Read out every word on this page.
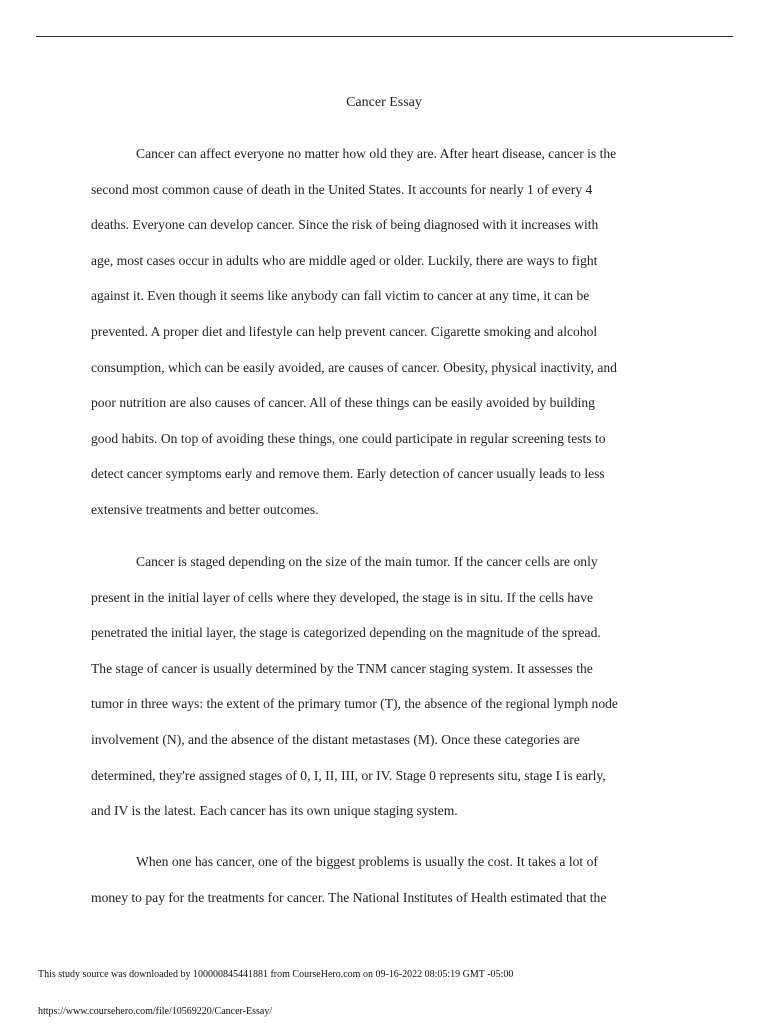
Cancer Essay

Cancer can affect everyone no matter how old they are. After heart disease, cancer is the
second most common cause of death in the United States. It accounts for nearly 1 of every 4
deaths. Everyone can develop cancer. Since the risk of being diagnosed with it increases with
age, most cases occur in adults who are middle aged or older. Luckily, there are ways to fight
against it. Even though it seems like anybody can fall victim to cancer at any time, it can be
prevented. A proper diet and lifestyle can help prevent cancer. Cigarette smoking and alcohol
consumption, which can be easily avoided, are causes of cancer. Obesity, physical inactivity, and
poor nutrition are also causes of cancer. All of these things can be easily avoided by building
good habits. On top of avoiding these things, one could participate in regular screening tests to
detect cancer symptoms early and remove them. Early detection of cancer usually leads to less
extensive treatments and better outcomes.

Cancer is staged depending on the size of the main tumor. If the cancer cells are only
present in the initial layer of cells where they developed, the stage is in situ. If the cells have
penetrated the initial layer, the stage is categorized depending on the magnitude of the spread.
The stage of cancer is usually determined by the TNM cancer staging system. It assesses the
tumor in three ways: the extent of the primary tumor (T), the absence of the regional lymph node
involvement (N), and the absence of the distant metastases (M). Once these categories are
determined, they're assigned stages of 0, I, II, III, or IV. Stage 0 represents situ, stage I is early,
and IV is the latest. Each cancer has its own unique staging system.

When one has cancer, one of the biggest problems is usually the cost. It takes a lot of
money to pay for the treatments for cancer. The National Institutes of Health estimated that the

This study source was downloaded by 100000845441881 from CourseHero.com on 09-16-2022 08:05:19 GMT -05:00
https://www.coursehero.com/file/10569220/Cancer-Essay/
